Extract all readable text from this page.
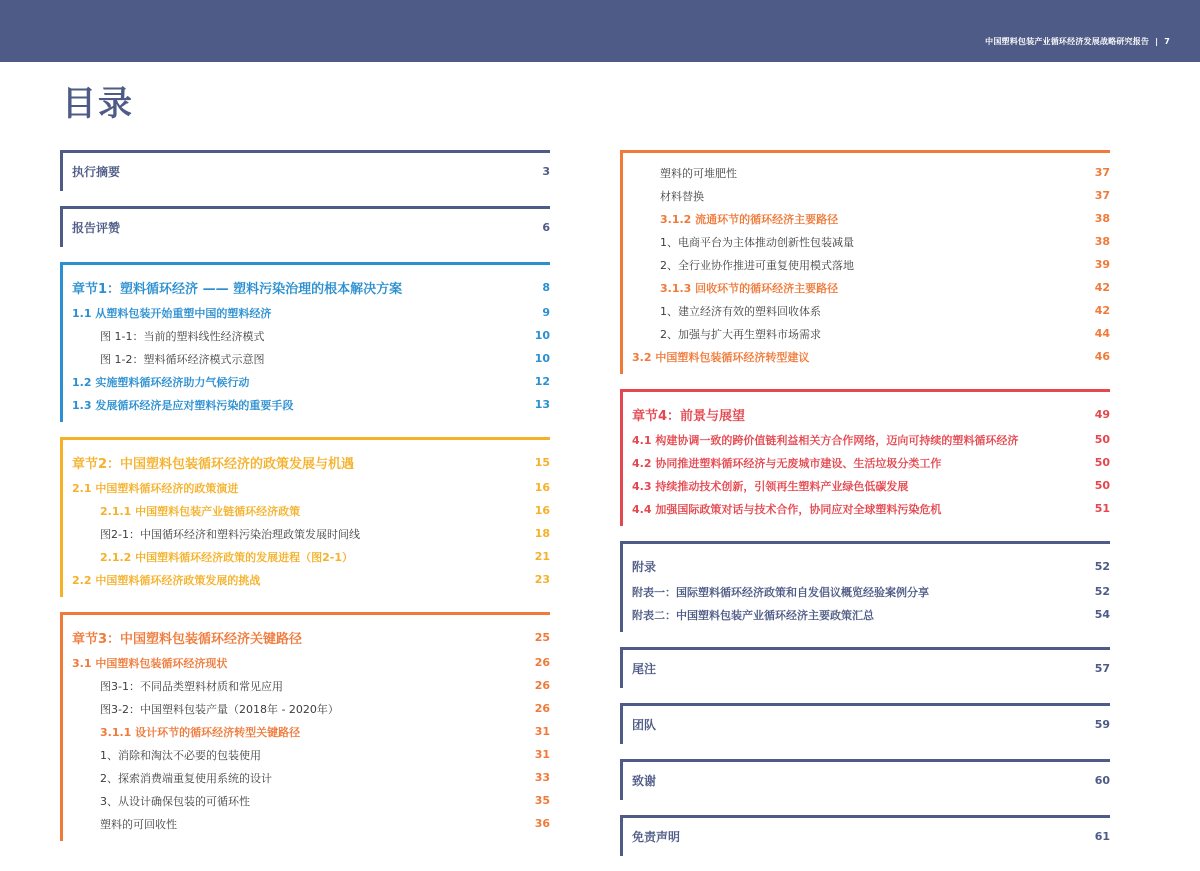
中国塑料包装产业循环经济发展战略研究报告 | 7
目录
执行摘要	3
报告评赞	6
章节1：塑料循环经济 —— 塑料污染治理的根本解决方案	8
1.1 从塑料包装开始重塑中国的塑料经济	9
图 1-1：当前的塑料线性经济模式	10
图 1-2：塑料循环经济模式示意图	10
1.2 实施塑料循环经济助力气候行动	12
1.3 发展循环经济是应对塑料污染的重要手段	13
章节2：中国塑料包装循环经济的政策发展与机遇	15
2.1 中国塑料循环经济的政策演进	16
2.1.1 中国塑料包装产业链循环经济政策	16
图2-1：中国循环经济和塑料污染治理政策发展时间线	18
2.1.2 中国塑料循环经济政策的发展进程（图2-1）	21
2.2 中国塑料循环经济政策发展的挑战	23
章节3：中国塑料包装循环经济关键路径	25
3.1 中国塑料包装循环经济现状	26
图3-1：不同品类塑料材质和常见应用	26
图3-2：中国塑料包装产量（2018年 - 2020年）	26
3.1.1 设计环节的循环经济转型关键路径	31
1、消除和淘汰不必要的包装使用	31
2、探索消费端重复使用系统的设计	33
3、从设计确保包装的可循环性	35
塑料的可回收性	36
塑料的可堆肥性	37
材料替换	37
3.1.2 流通环节的循环经济主要路径	38
1、电商平台为主体推动创新性包装减量	38
2、全行业协作推进可重复使用模式落地	39
3.1.3 回收环节的循环经济主要路径	42
1、建立经济有效的塑料回收体系	42
2、加强与扩大再生塑料市场需求	44
3.2 中国塑料包装循环经济转型建议	46
章节4：前景与展望	49
4.1 构建协调一致的跨价值链利益相关方合作网络，迈向可持续的塑料循环经济	50
4.2 协同推进塑料循环经济与无废城市建设、生活垃圾分类工作	50
4.3 持续推动技术创新，引领再生塑料产业绿色低碳发展	50
4.4 加强国际政策对话与技术合作，协同应对全球塑料污染危机	51
附录	52
附表一：国际塑料循环经济政策和自发倡议概览经验案例分享	52
附表二：中国塑料包装产业循环经济主要政策汇总	54
尾注	57
团队	59
致谢	60
免责声明	61
